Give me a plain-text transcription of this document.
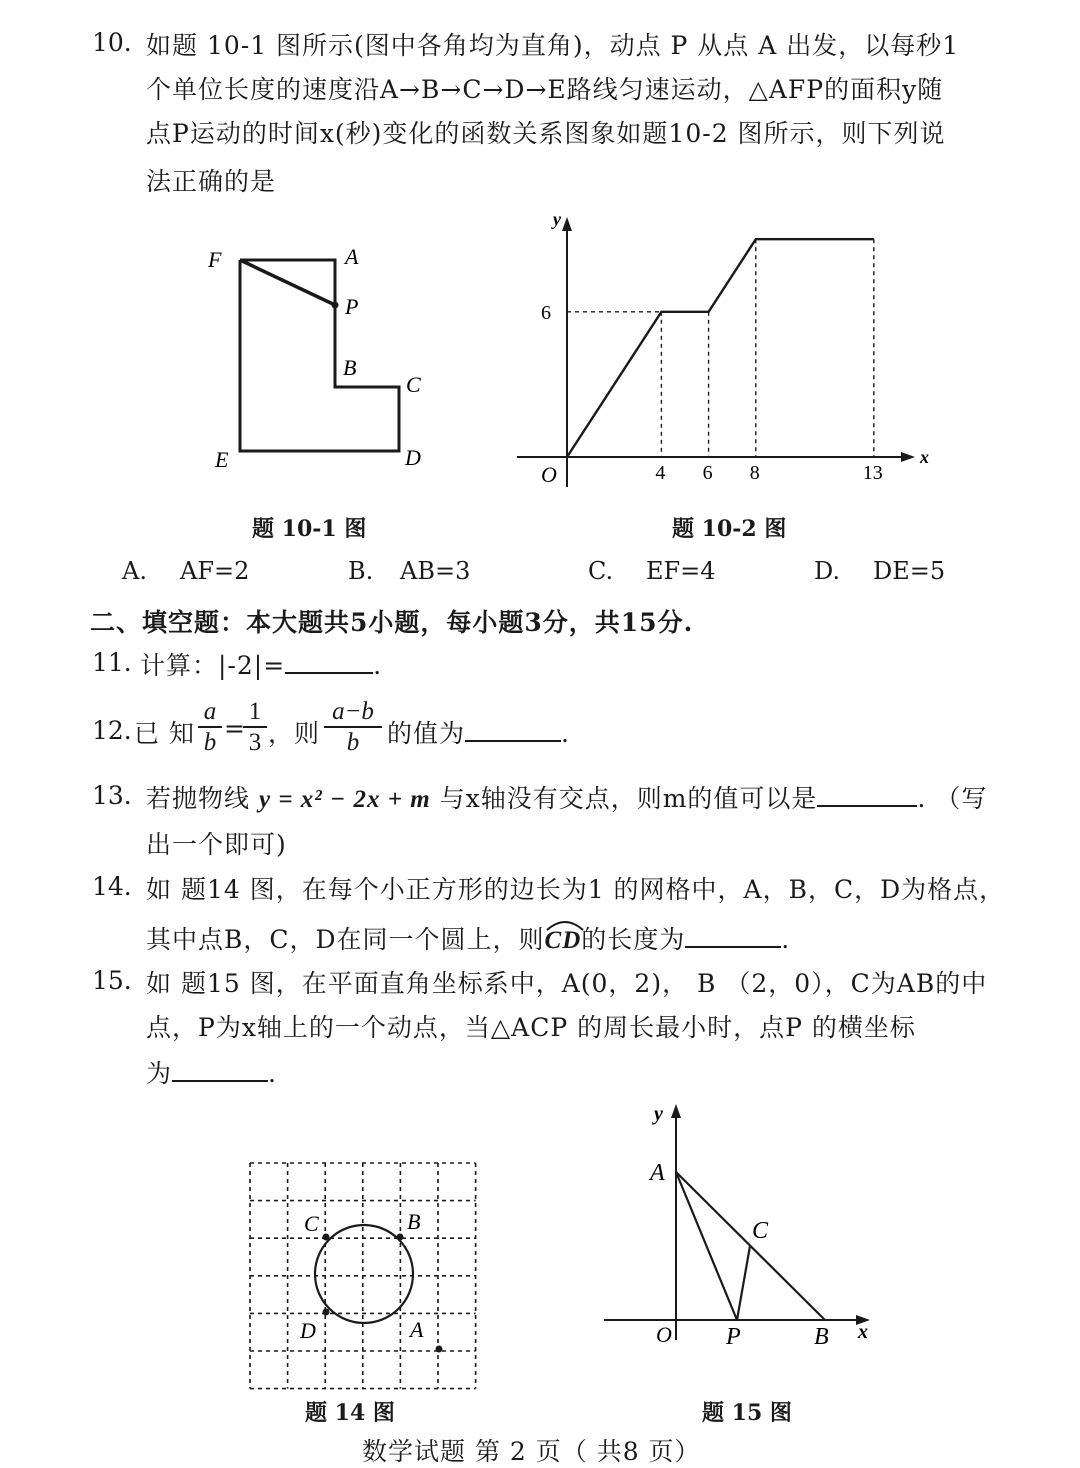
10. 如题 10-1 图所示(图中各角均为直角)，动点 P 从点 A 出发，以每秒1
个单位长度的速度沿A→B→C→D→E路线匀速运动，△AFP的面积y随
点P运动的时间x(秒)变化的函数关系图象如题10-2 图所示，则下列说
法正确的是
F	A
P
B
C
E	D
题 10-1 图
x
y
O	4 6 8	13
6
题 10-2 图
A. AF=2	B. AB=3	C. EF=4	D. DE=5
二、填空题：本大题共5小题，每小题3分，共15分.
11. 计算：|-2|=	.
12. 已 知 $\frac{a}{b}$ =
$\frac{1}{3}$ ，则 $\frac{a-b}{b}$ 的值为	.
13. 若抛物线 y = x² − 2x + m 与x轴没有交点，则m的值可以是	. （写
出一个即可)
14. 如 题14 图，在每个小正方形的边长为1 的网格中，A，B，C，D为格点，
其中点B，C，D在同一个圆上，则
CD的长度为	.
15. 如 题15 图，在平面直角坐标系中，A(0，2)， B （2，0），C为AB的中
点，P为x轴上的一个动点，当△ACP 的周长最小时，点P 的横坐标
为	.
C	B
D	A
题 14 图
y
A
C
O P	B x
题 15 图
数学试题 第 2 页（ 共8 页）
